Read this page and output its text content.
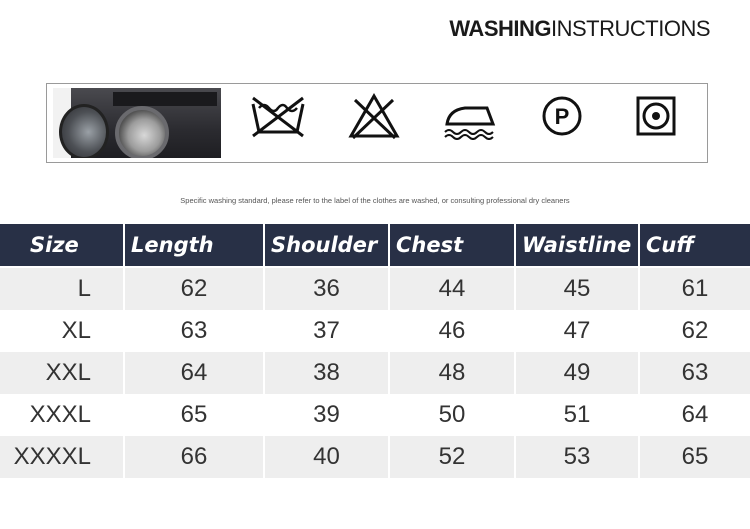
WASHINGINSTRUCTIONS
P
Specific washing standard, please refer to the label of the clothes are washed, or consulting professional dry cleaners
Size	Length	Shoulder	Chest	Waistline	Cuff
L	62	36	44	45	61
XL	63	37	46	47	62
XXL	64	38	48	49	63
XXXL	65	39	50	51	64
XXXXL	66	40	52	53	65
